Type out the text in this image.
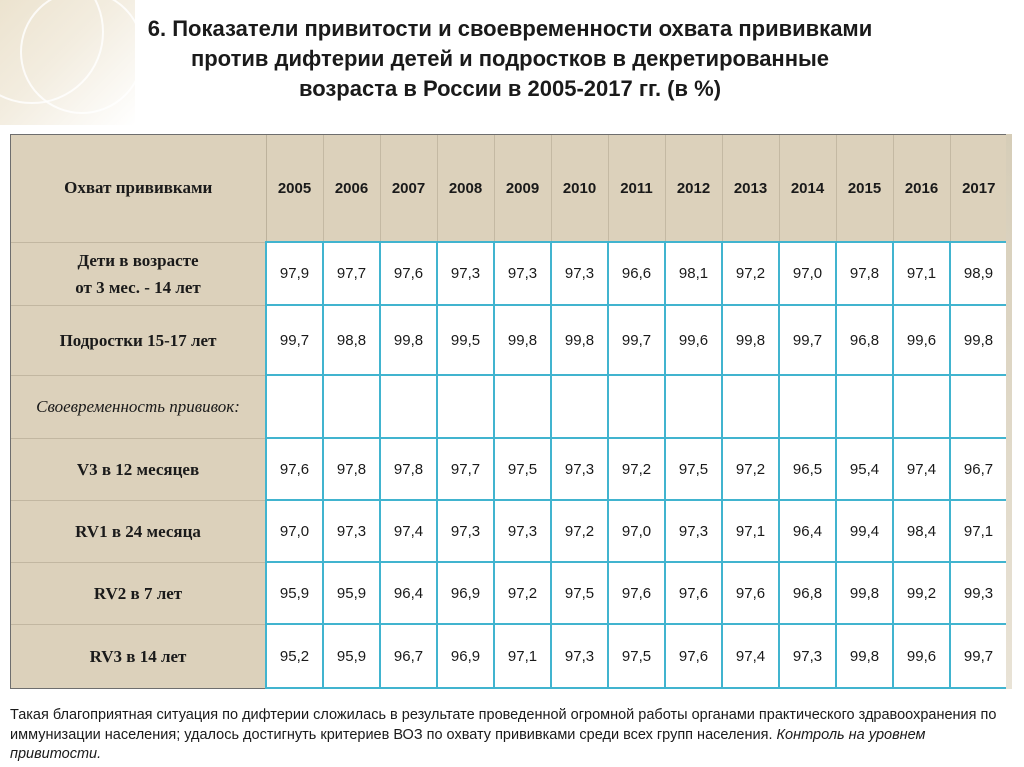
6. Показатели привитости и своевременности охвата прививками
против дифтерии детей и подростков в декретированные
возраста в России в 2005-2017 гг. (в %)
Охват прививками	2005	2006	2007	2008	2009	2010	2011	2012	2013	2014	2015	2016	2017

Дети в возрасте
от 3 мес. - 14 лет	97,9	97,7	97,6	97,3	97,3	97,3	96,6	98,1	97,2	97,0	97,8	97,1	98,9

Подростки 15-17 лет	99,7	98,8	99,8	99,5	99,8	99,8	99,7	99,6	99,8	99,7	96,8	99,6	99,8

Своевременность прививок:													

V3 в 12 месяцев	97,6	97,8	97,8	97,7	97,5	97,3	97,2	97,5	97,2	96,5	95,4	97,4	96,7

RV1 в 24 месяца	97,0	97,3	97,4	97,3	97,3	97,2	97,0	97,3	97,1	96,4	99,4	98,4	97,1

RV2 в 7 лет	95,9	95,9	96,4	96,9	97,2	97,5	97,6	97,6	97,6	96,8	99,8	99,2	99,3

RV3 в 14 лет	95,2	95,9	96,7	96,9	97,1	97,3	97,5	97,6	97,4	97,3	99,8	99,6	99,7

Такая благоприятная ситуация по дифтерии сложилась в результате проведенной огромной работы органами практического здравоохранения по иммунизации населения; удалось достигнуть критериев ВОЗ по охвату прививками среди всех групп населения. Контроль на уровнем привитости.
